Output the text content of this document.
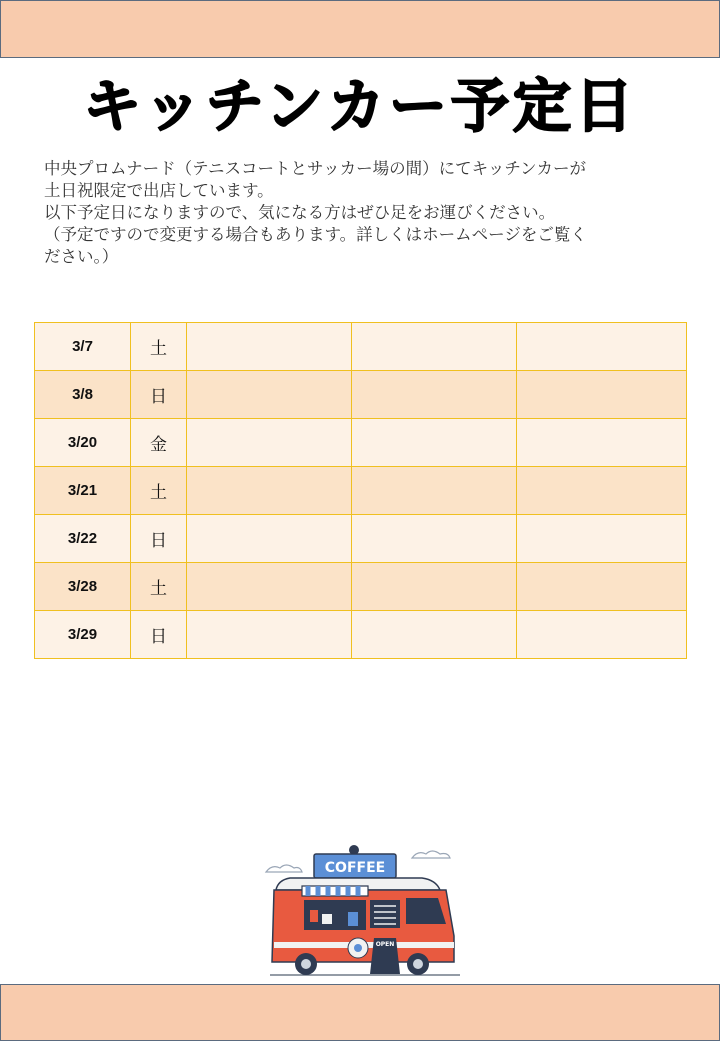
キッチンカー予定日

中央プロムナード（テニスコートとサッカー場の間）にてキッチンカーが

土日祝限定で出店しています。

以下予定日になりますので、気になる方はぜひ足をお運びください。

（予定ですので変更する場合もあります。詳しくはホームページをご覧く

ださい。）

3/7	土			
3/8	日			
3/20	金			
3/21	土			
3/22	日			
3/28	土			
3/29	日			
COFFEE
OPEN
